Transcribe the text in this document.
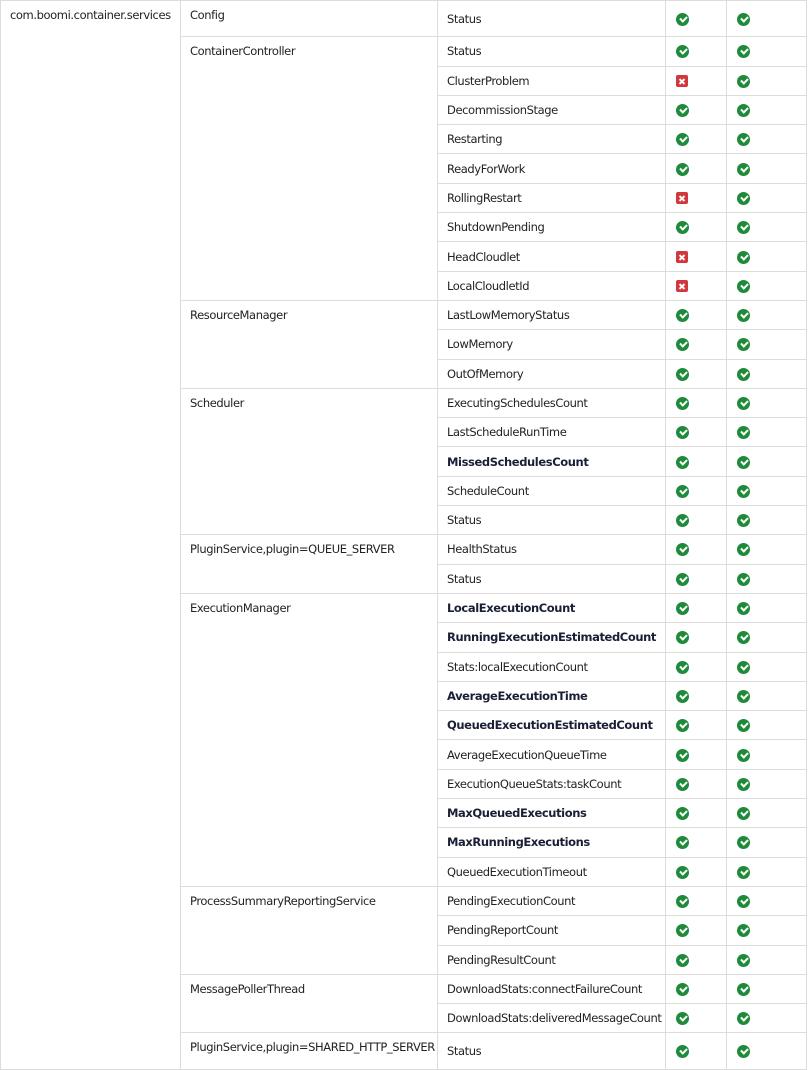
com.boomi.container.services	Config	Status		
	ContainerController	Status		
		ClusterProblem		
		DecommissionStage		
		Restarting		
		ReadyForWork		
		RollingRestart		
		ShutdownPending		
		HeadCloudlet		
		LocalCloudletId		
	ResourceManager	LastLowMemoryStatus		
		LowMemory		
		OutOfMemory		
	Scheduler	ExecutingSchedulesCount		
		LastScheduleRunTime		
		MissedSchedulesCount		
		ScheduleCount		
		Status		
	PluginService,plugin=QUEUE_SERVER	HealthStatus		
		Status		
	ExecutionManager	LocalExecutionCount		
		RunningExecutionEstimatedCount		
		Stats:localExecutionCount		
		AverageExecutionTime		
		QueuedExecutionEstimatedCount		
		AverageExecutionQueueTime		
		ExecutionQueueStats:taskCount		
		MaxQueuedExecutions		
		MaxRunningExecutions		
		QueuedExecutionTimeout		
	ProcessSummaryReportingService	PendingExecutionCount		
		PendingReportCount		
		PendingResultCount		
	MessagePollerThread	DownloadStats:connectFailureCount		
		DownloadStats:deliveredMessageCount		
	PluginService,plugin=SHARED_HTTP_SERVER	Status		
